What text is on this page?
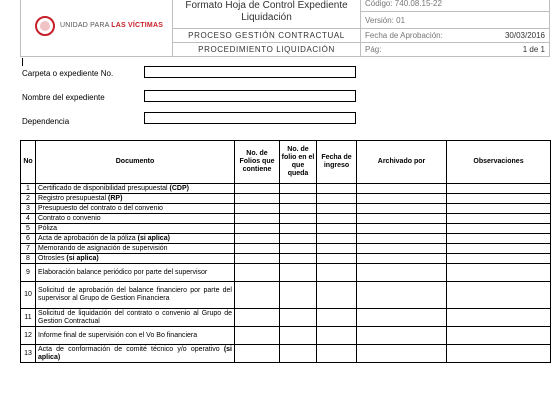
UNIDAD PARA LAS VÍCTIMAS	Formato Hoja de Control Expediente
Liquidación	Código: 740.08.15-22
		Versión: 01
	PROCESO GESTIÓN CONTRACTUAL	Fecha de Aprobación: 30/03/2016

	PROCEDIMIENTO LIQUIDACIÓN	Pág: 1 de 1
Carpeta o expediente No.
Nombre del expediente
Dependencia
No	Documento	No. de Folios que contiene	No. de folio en el que queda	Fecha de ingreso	Archivado por	Observaciones
1	Certificado de disponibilidad presupuestal (CDP)					
2	Registro presupuestal (RP)					
3	Presupuesto del contrato o del convenio					
4	Contrato o convenio					
5	Póliza					
6	Acta de aprobación de la póliza (si aplica)					
7	Memorando de asignación de supervisión					
8	Otrosíes (si aplica)					
9	Elaboración balance periódico por parte del supervisor					
10	Solicitud de aprobación del balance financiero por parte del supervisor al Grupo de Gestion Financiera					
11	Solicitud de liquidación del contrato o convenio al Grupo de Gestion Contractual					
12	Informe final de supervisión con el Vo Bo financiera					
13	Acta de conformación de comité técnico y/o operativo (si aplica)					
